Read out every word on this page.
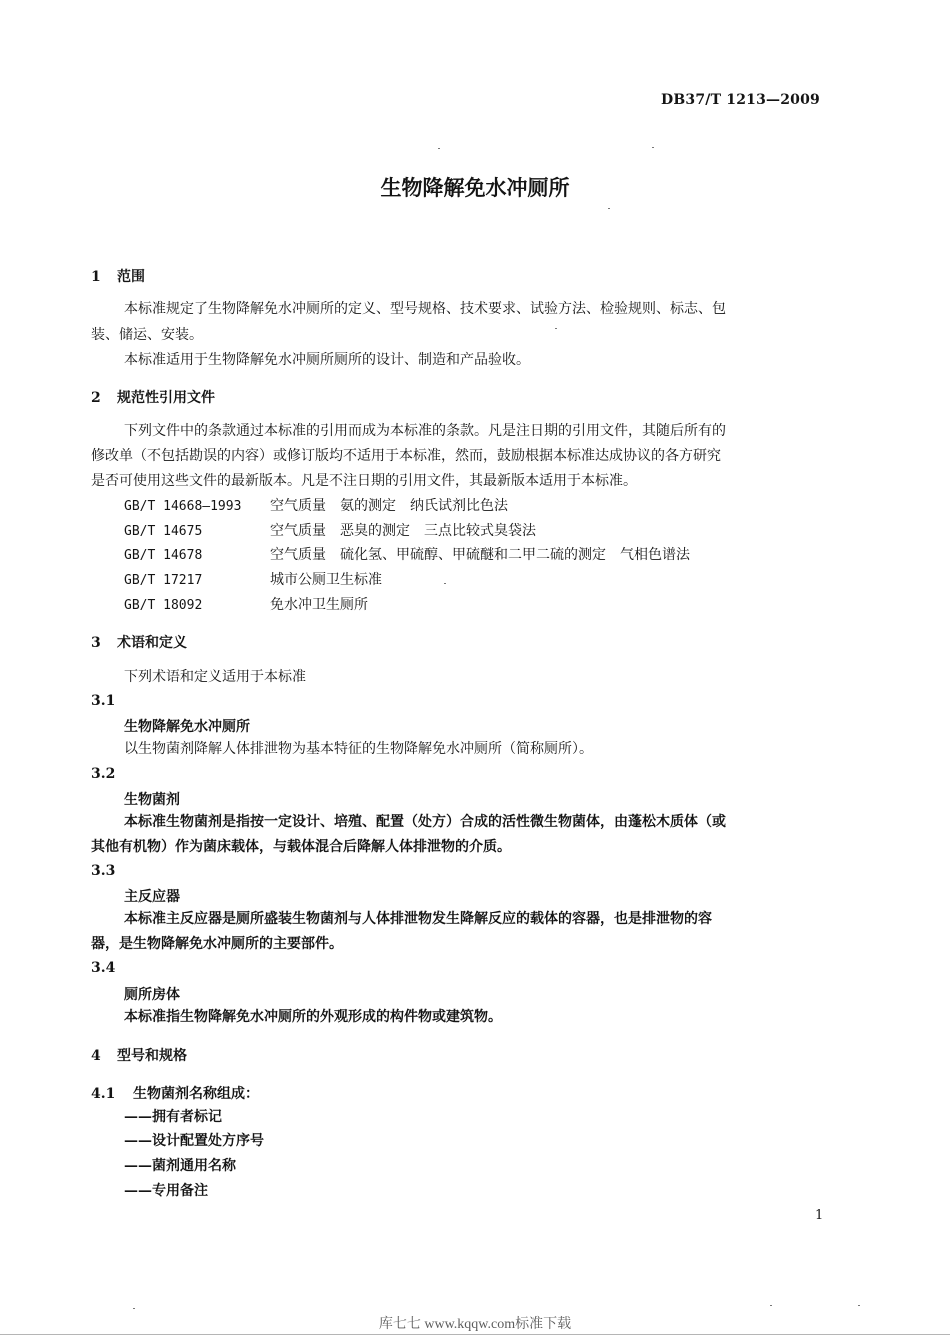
DB37/T 1213—2009
生物降解免水冲厕所
1 范围
本标准规定了生物降解免水冲厕所的定义、型号规格、技术要求、试验方法、检验规则、标志、包
装、储运、安装。
本标准适用于生物降解免水冲厕所厕所的设计、制造和产品验收。
2 规范性引用文件
下列文件中的条款通过本标准的引用而成为本标准的条款。凡是注日期的引用文件，其随后所有的
修改单（不包括勘误的内容）或修订版均不适用于本标准，然而，鼓励根据本标准达成协议的各方研究
是否可使用这些文件的最新版本。凡是不注日期的引用文件，其最新版本适用于本标准。
GB/T 14668—1993 空气质量　氨的测定　纳氏试剂比色法
GB/T 14675	空气质量　恶臭的测定　三点比较式臭袋法
GB/T 14678	空气质量　硫化氢、甲硫醇、甲硫醚和二甲二硫的测定　气相色谱法
GB/T 17217	城市公厕卫生标准
GB/T 18092	免水冲卫生厕所
3 术语和定义
下列术语和定义适用于本标准
3.1
生物降解免水冲厕所
以生物菌剂降解人体排泄物为基本特征的生物降解免水冲厕所（简称厕所）。
3.2
生物菌剂
本标准生物菌剂是指按一定设计、培殖、配置（处方）合成的活性微生物菌体，由蓬松木质体（或
其他有机物）作为菌床载体，与载体混合后降解人体排泄物的介质。
3.3
主反应器
本标准主反应器是厕所盛装生物菌剂与人体排泄物发生降解反应的载体的容器，也是排泄物的容
器，是生物降解免水冲厕所的主要部件。
3.4
厕所房体
本标准指生物降解免水冲厕所的外观形成的构件物或建筑物。
4 型号和规格
4.1 生物菌剂名称组成：
——拥有者标记
——设计配置处方序号
——菌剂通用名称
——专用备注
1
库七七 www.kqqw.com标准下载
